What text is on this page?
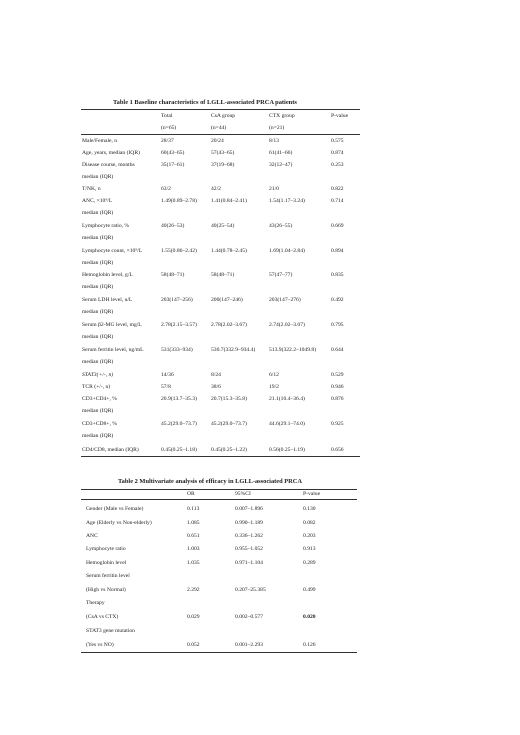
Table 1 Baseline characteristics of LGLL-associated PRCA patients
Total	CsA group	CTX group	P-value
(n=65)	(n=44)	(n=21)
Male/Female, n	28/37	20/24	8/13	0.575
Age, years, median (IQR)	60(43–65)	57(43–65)	61(41–66)	0.874
Disease course, months	35(17–61)	37(19–68)	32(12–47)	0.253
median (IQR)
T/NK, n	63/2	42/2	21/0	0.822
ANC, ×10⁹/L	1.49(0.89–2.78)	1.41(0.84–2.41)	1.54(1.17–3.24)	0.714
median (IQR)
Lymphocyte ratio, %	40(26–53)	40(25–54)	43(26–55)	0.669
median (IQR)
Lymphocyte count, ×10⁹/L	1.55(0.86–2.42)	1.44(0.78–2.45)	1.69(1.04–2.84)	0.894
median (IQR)
Hemoglobin level, g/L	58(48–71)	58(48–71)	57(47–77)	0.835
median (IQR)
Serum LDH level, u/L	203(147–256)	200(147–246)	203(147–276)	0.492
median (IQR)
Serum β2-MG level, mg/L	2.78(2.15–3.57)	2.78(2.02–3.67)	2.74(2.02–3.07)	0.795
median (IQR)
Serum ferritin level, ng/mL	531(333–934)	530.7(332.9–934.4) 513.9(322.2–1049.8)	0.644
median (IQR)
STAT3(+/-, n)	14/36	8/24	6/12	0.529
TCR (+/-, n)	57/8	38/6	19/2	0.946
CD3+CD4+, %	20.9(13.7–35.3)	20.7(15.3–35.8)	21.1(10.4–36.4)	0.876
median (IQR)
CD3+CD8+, %	45.2(29.0–73.7)	45.2(29.0–73.7)	44.6(29.1–74.0)	0.925
median (IQR)
CD4/CD8, median (IQR)	0.45(0.25–1.18)	0.45(0.25–1.22)	0.56(0.25–1.19)	0.656
Table 2 Multivariate analysis of efficacy in LGLL-associated PRCA
OR	95%CI	P-value
Gender (Male vs Female)	0.113	0.007–1.896	0.130
Age (Elderly vs Non-elderly)	1.085	0.990–1.189	0.082
ANC	0.651	0.336–1.262	0.203
Lymphocyte ratio	1.003	0.955–1.052	0.913
Hemoglobin level	1.035	0.971–1.104	0.289
Serum ferritin level
(High vs Normal)	2.292	0.207–25.385	0.499
Therapy
(CsA vs CTX)	0.029	0.002–0.577	0.020
STAT3 gene mutation
(Yes vs NO)	0.052	0.001–2.293	0.126
